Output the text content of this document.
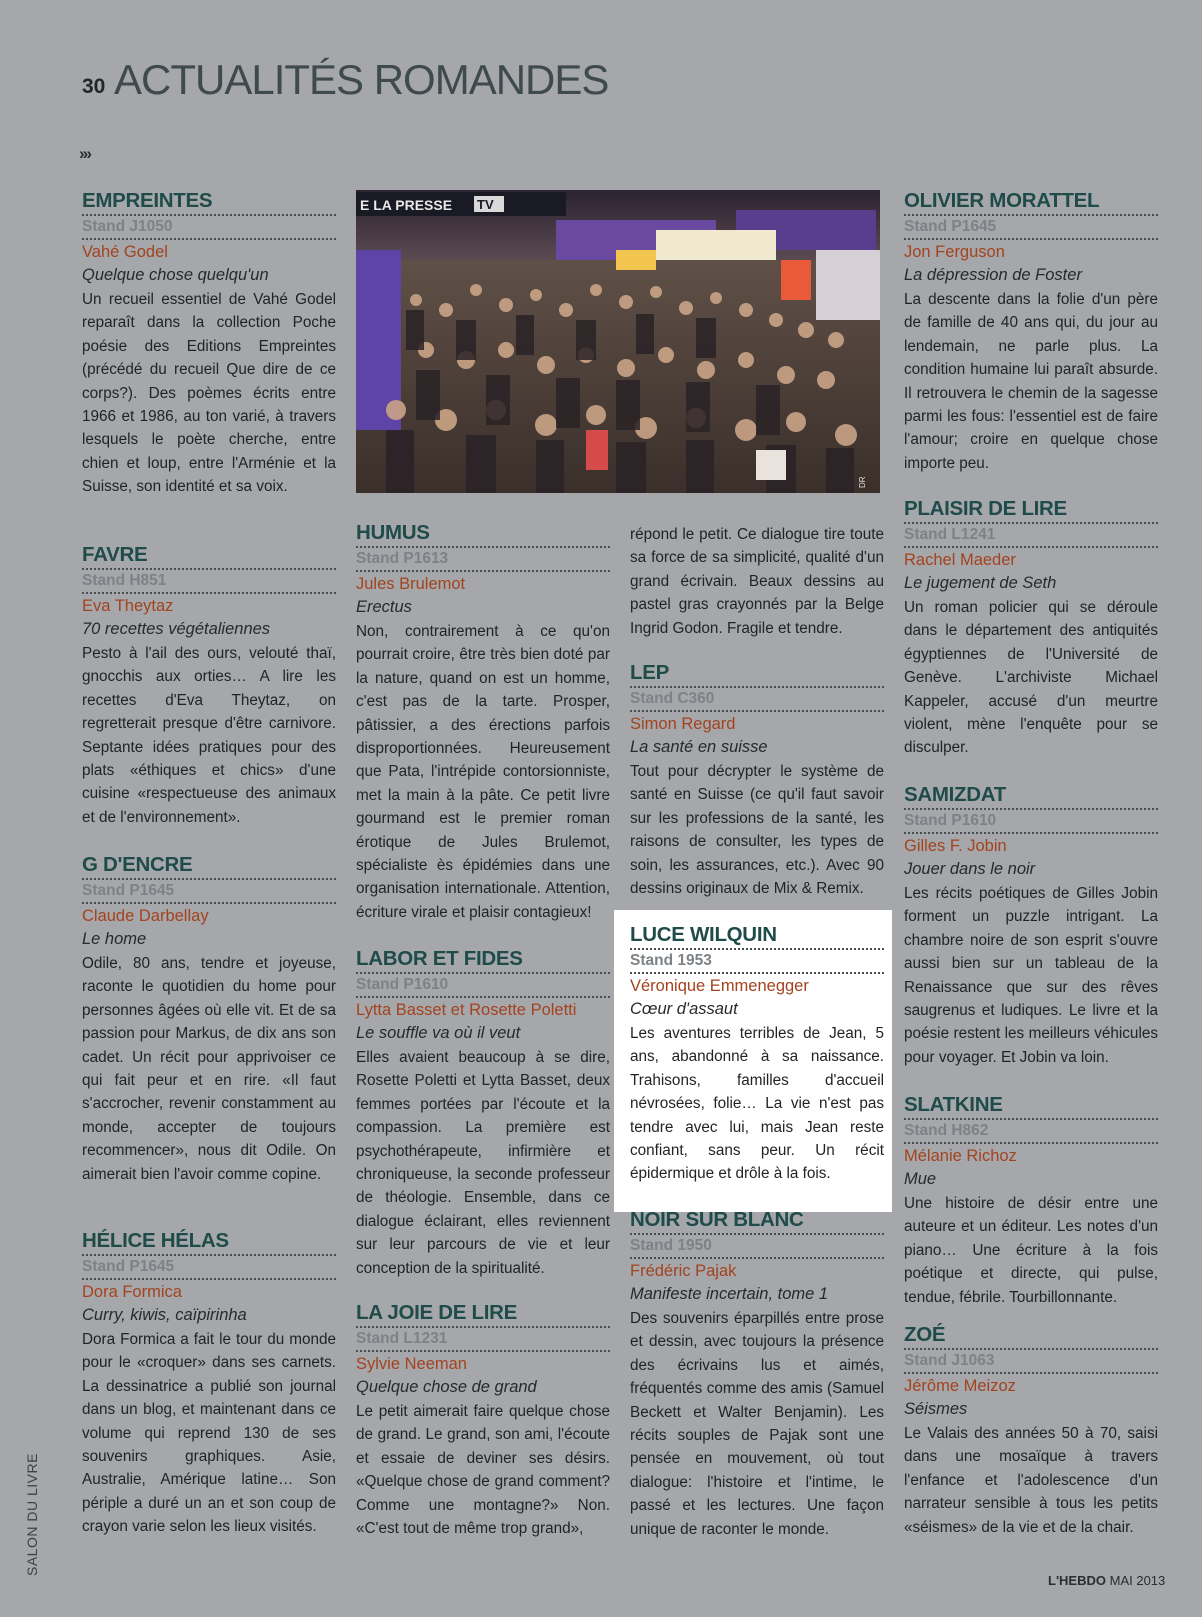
30 ACTUALITÉS ROMANDES
›››
EMPREINTES
Stand J1050
Vahé Godel
Quelque chose quelqu'un
Un recueil essentiel de Vahé Godel reparaît dans la collection Poche poésie des Editions Empreintes (précédé du recueil Que dire de ce corps?). Des poèmes écrits entre 1966 et 1986, au ton varié, à travers lesquels le poète cherche, entre chien et loup, entre l'Arménie et la Suisse, son identité et sa voix.
FAVRE
Stand H851
Eva Theytaz
70 recettes végétaliennes
Pesto à l'ail des ours, velouté thaï, gnocchis aux orties… A lire les recettes d'Eva Theytaz, on regretterait presque d'être carnivore. Septante idées pratiques pour des plats «éthiques et chics» d'une cuisine «respectueuse des animaux et de l'environnement».
G D'ENCRE
Stand P1645
Claude Darbellay
Le home
Odile, 80 ans, tendre et joyeuse, raconte le quotidien du home pour personnes âgées où elle vit. Et de sa passion pour Markus, de dix ans son cadet. Un récit pour apprivoiser ce qui fait peur et en rire. «Il faut s'accrocher, revenir constamment au monde, accepter de toujours recommencer», nous dit Odile. On aimerait bien l'avoir comme copine.
HÉLICE HÉLAS
Stand P1645
Dora Formica
Curry, kiwis, caïpirinha
Dora Formica a fait le tour du monde pour le «croquer» dans ses carnets. La dessinatrice a publié son journal dans un blog, et maintenant dans ce volume qui reprend 130 de ses souvenirs graphiques. Asie, Australie, Amérique latine… Son périple a duré un an et son coup de crayon varie selon les lieux visités.
E LA PRESSE TV
DR
HUMUS
Stand P1613
Jules Brulemot
Erectus
Non, contrairement à ce qu'on pourrait croire, être très bien doté par la nature, quand on est un homme, c'est pas de la tarte. Prosper, pâtissier, a des érections parfois disproportionnées. Heureusement que Pata, l'intrépide contorsionniste, met la main à la pâte. Ce petit livre gourmand est le premier roman érotique de Jules Brulemot, spécialiste ès épidémies dans une organisation internationale. Attention, écriture virale et plaisir contagieux!
LABOR ET FIDES
Stand P1610
Lytta Basset et Rosette Poletti
Le souffle va où il veut
Elles avaient beaucoup à se dire, Rosette Poletti et Lytta Basset, deux femmes portées par l'écoute et la compassion. La première est psychothérapeute, infirmière et chroniqueuse, la seconde professeur de théologie. Ensemble, dans ce dialogue éclairant, elles reviennent sur leur parcours de vie et leur conception de la spiritualité.
LA JOIE DE LIRE
Stand L1231
Sylvie Neeman
Quelque chose de grand
Le petit aimerait faire quelque chose de grand. Le grand, son ami, l'écoute et essaie de deviner ses désirs. «Quelque chose de grand comment? Comme une montagne?» Non. «C'est tout de même trop grand»,
répond le petit. Ce dialogue tire toute sa force de sa simplicité, qualité d'un grand écrivain. Beaux dessins au pastel gras crayonnés par la Belge Ingrid Godon. Fragile et tendre.
LEP
Stand C360
Simon Regard
La santé en suisse
Tout pour décrypter le système de santé en Suisse (ce qu'il faut savoir sur les professions de la santé, les raisons de consulter, les types de soin, les assurances, etc.). Avec 90 dessins originaux de Mix & Remix.
LUCE WILQUIN
Stand 1953
Véronique Emmenegger
Cœur d'assaut
Les aventures terribles de Jean, 5 ans, abandonné à sa naissance. Trahisons, familles d'accueil névrosées, folie… La vie n'est pas tendre avec lui, mais Jean reste confiant, sans peur. Un récit épidermique et drôle à la fois.
NOIR SUR BLANC
Stand 1950
Frédéric Pajak
Manifeste incertain, tome 1
Des souvenirs éparpillés entre prose et dessin, avec toujours la présence des écrivains lus et aimés, fréquentés comme des amis (Samuel Beckett et Walter Benjamin). Les récits souples de Pajak sont une pensée en mouvement, où tout dialogue: l'histoire et l'intime, le passé et les lectures. Une façon unique de raconter le monde.
OLIVIER MORATTEL
Stand P1645
Jon Ferguson
La dépression de Foster
La descente dans la folie d'un père de famille de 40 ans qui, du jour au lendemain, ne parle plus. La condition humaine lui paraît absurde. Il retrouvera le chemin de la sagesse parmi les fous: l'essentiel est de faire l'amour; croire en quelque chose importe peu.
PLAISIR DE LIRE
Stand L1241
Rachel Maeder
Le jugement de Seth
Un roman policier qui se déroule dans le département des antiquités égyptiennes de l'Université de Genève. L'archiviste Michael Kappeler, accusé d'un meurtre violent, mène l'enquête pour se disculper.
SAMIZDAT
Stand P1610
Gilles F. Jobin
Jouer dans le noir
Les récits poétiques de Gilles Jobin forment un puzzle intrigant. La chambre noire de son esprit s'ouvre aussi bien sur un tableau de la Renaissance que sur des rêves saugrenus et ludiques. Le livre et la poésie restent les meilleurs véhicules pour voyager. Et Jobin va loin.
SLATKINE
Stand H862
Mélanie Richoz
Mue
Une histoire de désir entre une auteure et un éditeur. Les notes d'un piano… Une écriture à la fois poétique et directe, qui pulse, tendue, fébrile. Tourbillonnante.
ZOÉ
Stand J1063
Jérôme Meizoz
Séismes
Le Valais des années 50 à 70, saisi dans une mosaïque à travers l'enfance et l'adolescence d'un narrateur sensible à tous les petits «séismes» de la vie et de la chair.
SALON DU LIVRE
L'HEBDO MAI 2013
